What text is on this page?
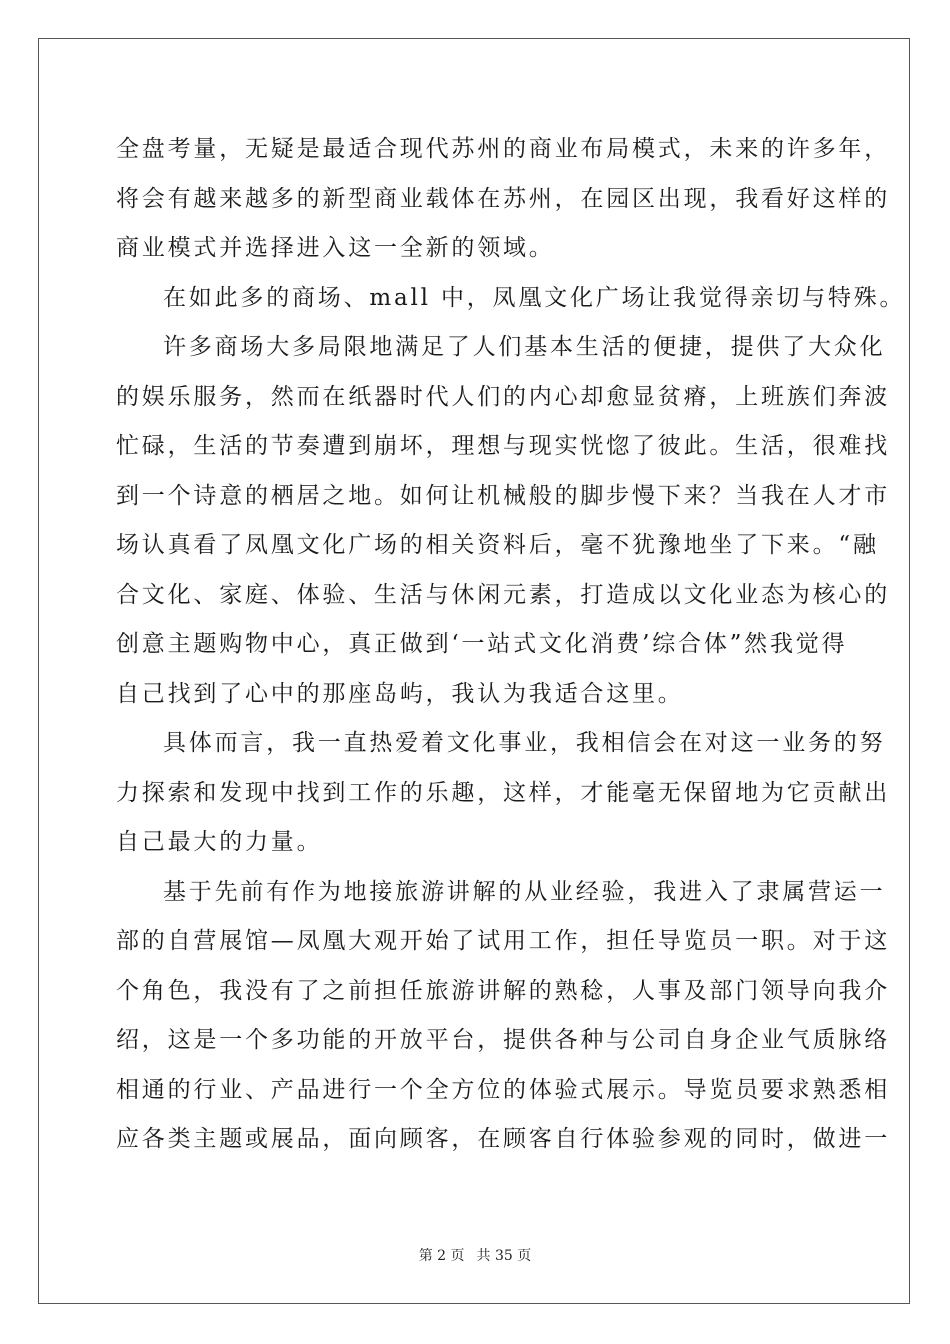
全盘考量，无疑是最适合现代苏州的商业布局模式，未来的许多年，
将会有越来越多的新型商业载体在苏州，在园区出现，我看好这样的
商业模式并选择进入这一全新的领域。
在如此多的商场、mall 中，凤凰文化广场让我觉得亲切与特殊。
许多商场大多局限地满足了人们基本生活的便捷，提供了大众化
的娱乐服务，然而在纸器时代人们的内心却愈显贫瘠，上班族们奔波
忙碌，生活的节奏遭到崩坏，理想与现实恍惚了彼此。生活，很难找
到一个诗意的栖居之地。如何让机械般的脚步慢下来？当我在人才市
场认真看了凤凰文化广场的相关资料后，毫不犹豫地坐了下来。“融
合文化、家庭、体验、生活与休闲元素，打造成以文化业态为核心的
创意主题购物中心，真正做到‘一站式文化消费’综合体”然我觉得
自己找到了心中的那座岛屿，我认为我适合这里。
具体而言，我一直热爱着文化事业，我相信会在对这一业务的努
力探索和发现中找到工作的乐趣，这样，才能毫无保留地为它贡献出
自己最大的力量。
基于先前有作为地接旅游讲解的从业经验，我进入了隶属营运一
部的自营展馆—凤凰大观开始了试用工作，担任导览员一职。对于这
个角色，我没有了之前担任旅游讲解的熟稔，人事及部门领导向我介
绍，这是一个多功能的开放平台，提供各种与公司自身企业气质脉络
相通的行业、产品进行一个全方位的体验式展示。导览员要求熟悉相
应各类主题或展品，面向顾客，在顾客自行体验参观的同时，做进一
第 2 页 共 35 页
